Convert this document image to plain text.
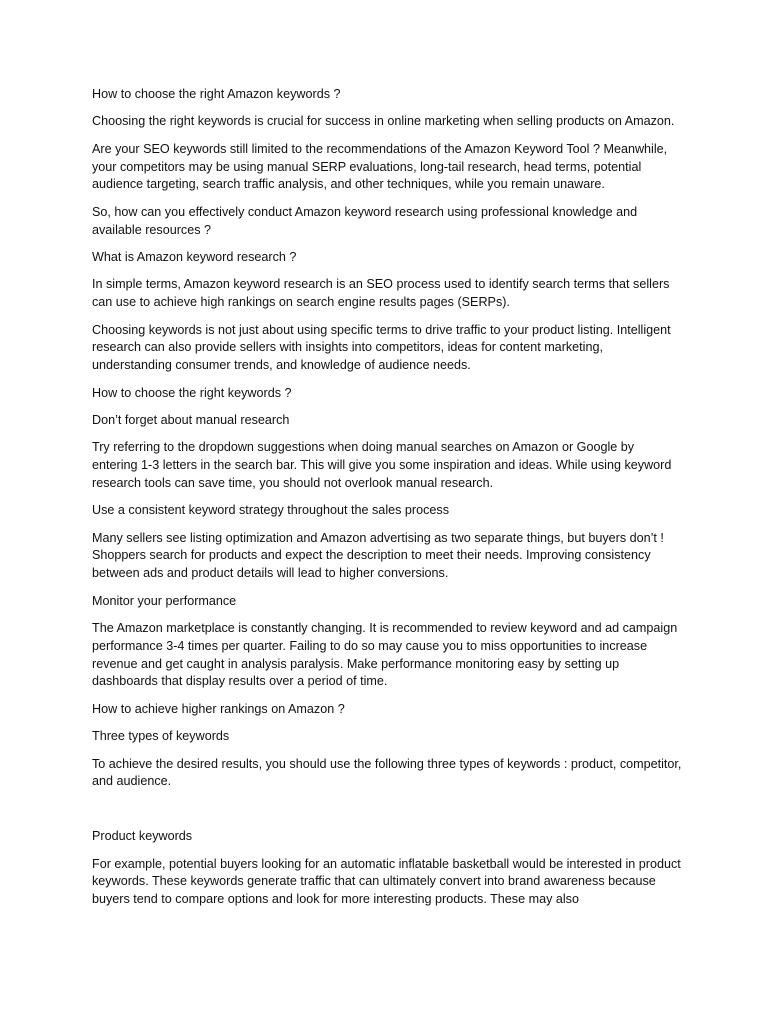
How to choose the right Amazon keywords ?

Choosing the right keywords is crucial for success in online marketing when selling products on Amazon.

Are your SEO keywords still limited to the recommendations of the Amazon Keyword Tool ? Meanwhile, your competitors may be using manual SERP evaluations, long-tail research, head terms, potential audience targeting, search traffic analysis, and other techniques, while you remain unaware.

So, how can you effectively conduct Amazon keyword research using professional knowledge and available resources ?

What is Amazon keyword research ?

In simple terms, Amazon keyword research is an SEO process used to identify search terms that sellers can use to achieve high rankings on search engine results pages (SERPs).

Choosing keywords is not just about using specific terms to drive traffic to your product listing. Intelligent research can also provide sellers with insights into competitors, ideas for content marketing, understanding consumer trends, and knowledge of audience needs.

How to choose the right keywords ?

Don’t forget about manual research

Try referring to the dropdown suggestions when doing manual searches on Amazon or Google by entering 1-3 letters in the search bar. This will give you some inspiration and ideas. While using keyword research tools can save time, you should not overlook manual research.

Use a consistent keyword strategy throughout the sales process

Many sellers see listing optimization and Amazon advertising as two separate things, but buyers don’t ! Shoppers search for products and expect the description to meet their needs. Improving consistency between ads and product details will lead to higher conversions.

Monitor your performance

The Amazon marketplace is constantly changing. It is recommended to review keyword and ad campaign performance 3-4 times per quarter. Failing to do so may cause you to miss opportunities to increase revenue and get caught in analysis paralysis. Make performance monitoring easy by setting up dashboards that display results over a period of time.

How to achieve higher rankings on Amazon ?

Three types of keywords

To achieve the desired results, you should use the following three types of keywords : product, competitor, and audience.

Product keywords

For example, potential buyers looking for an automatic inflatable basketball would be interested in product keywords. These keywords generate traffic that can ultimately convert into brand awareness because buyers tend to compare options and look for more interesting products. These may also
